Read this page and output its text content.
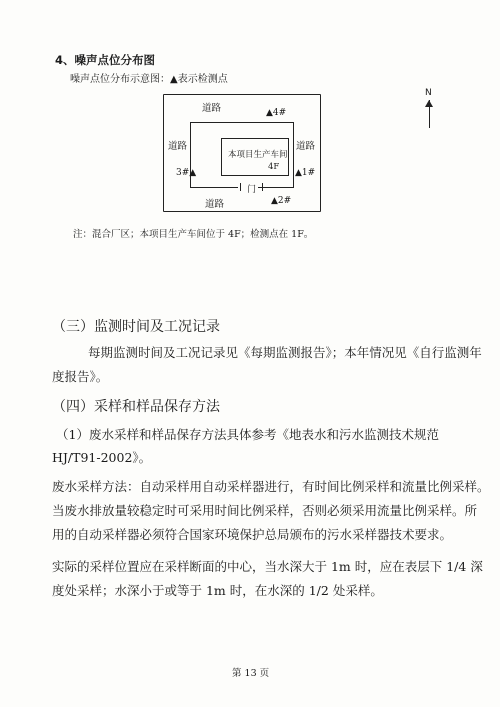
4、噪声点位分布图
噪声点位分布示意图：▲表示检测点
N
道路
道路
道路	道路
本项目生产车间
4F
▲4#
▲1#
3#▲
▲2#
门
注：混合厂区；本项目生产车间位于 4F；检测点在 1F。
（三）监测时间及工况记录
每期监测时间及工况记录见《每期监测报告》；本年情况见《自行监测年
度报告》。
（四）采样和样品保存方法
（1）废水采样和样品保存方法具体参考《地表水和污水监测技术规范
HJ/T91-2002》。
废水采样方法：自动采样用自动采样器进行，有时间比例采样和流量比例采样。
当废水排放量较稳定时可采用时间比例采样，否则必须采用流量比例采样。所
用的自动采样器必须符合国家环境保护总局颁布的污水采样器技术要求。
实际的采样位置应在采样断面的中心，当水深大于 1m 时，应在表层下 1/4 深
度处采样；水深小于或等于 1m 时，在水深的 1/2 处采样。
第 13 页
